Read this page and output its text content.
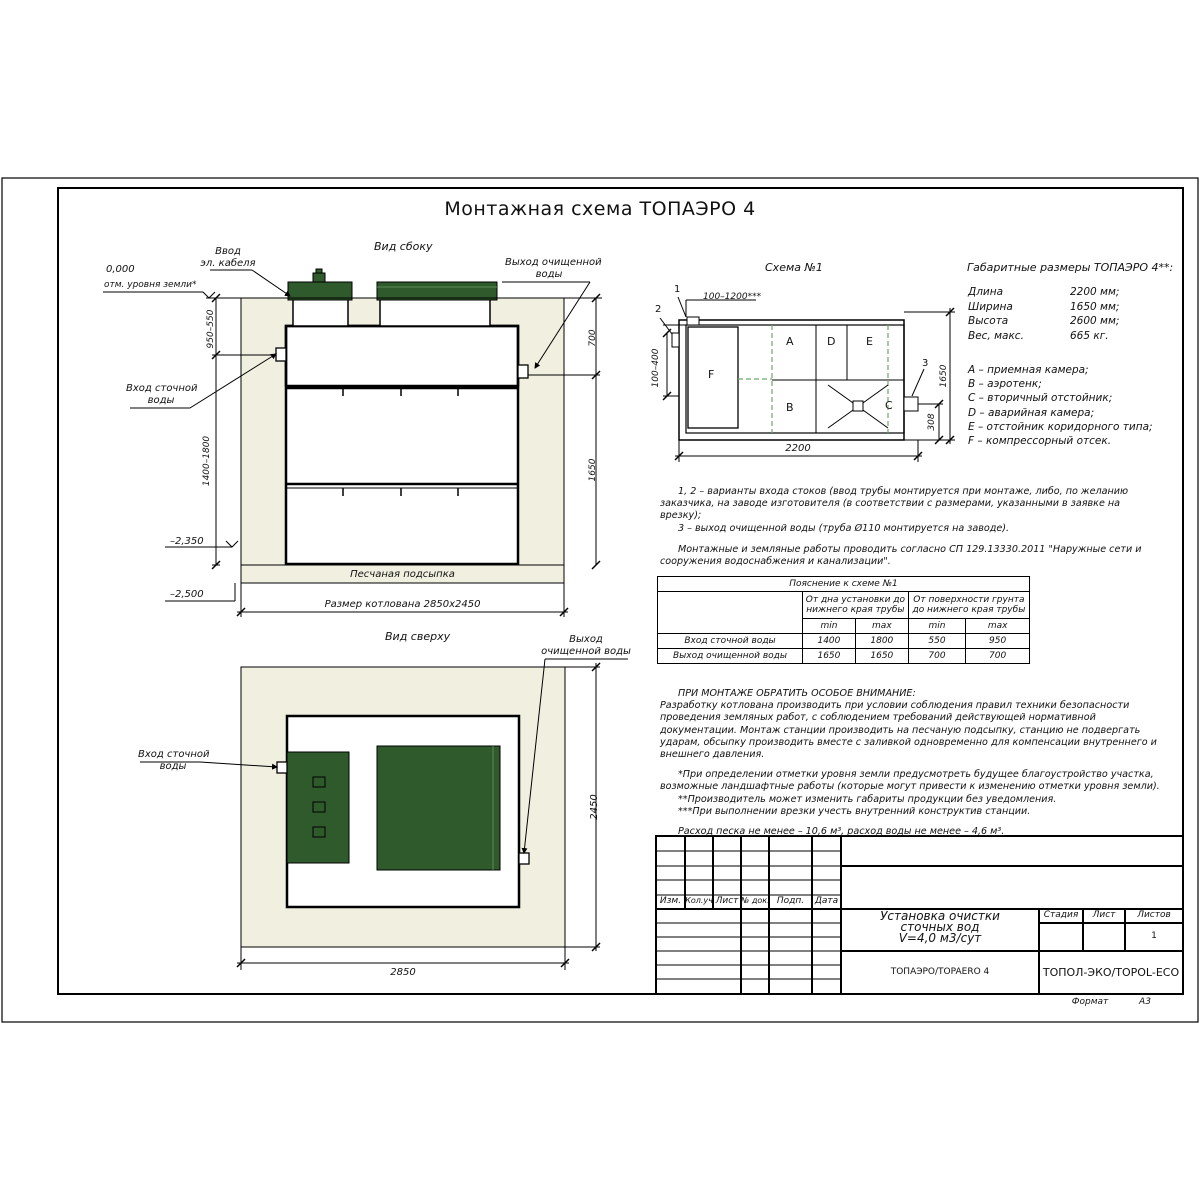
Монтажная схема ТОПАЭРО 4
Вид сбоку
Ввод
эл. кабеля	Выход очищенной
воды
Вход сточной
воды
0,000
отм. уровня земли*
950–550
1400–1800
700
1650
–2,350
–2,500
Песчаная подсыпка
Размер котлована 2850х2450
Вид сверху	Выход
очищенной воды
Вход сточной
воды
2850
2450
Схема №1
1
2
3
100–1200***
100–400	1650
308
2200
A
B	C
D	E
F
Габаритные размеры ТОПАЭРО 4**:
Длина	2200 мм;
Ширина	1650 мм;
Высота	2600 мм;
Вес, макс.	665 кг.
А – приемная камера;
В – аэротенк;
С – вторичный отстойник;
D – аварийная камера;
E – отстойник коридорного типа;
F – компрессорный отсек.

1, 2 – варианты входа стоков (ввод трубы монтируется при монтаже, либо, по желанию заказчика, на заводе изготовителя (в соответствии с размерами, указанными в заявке на врезку);

3 – выход очищенной воды (труба Ø110 монтируется на заводе).

Монтажные и земляные работы проводить согласно СП 129.13330.2011 "Наружные сети и сооружения водоснабжения и канализации".

Пояснение к схеме №1				
	От дна установки до нижнего края трубы		От поверхности грунта до нижнего края трубы	
	min	max	min	max
Вход сточной воды	1400	1800	550	950
Выход очищенной воды	1650	1650	700	700

ПРИ МОНТАЖЕ ОБРАТИТЬ ОСОБОЕ ВНИМАНИЕ:

Разработку котлована производить при условии соблюдения правил техники безопасности проведения земляных работ, с соблюдением требований действующей нормативной документации. Монтаж станции производить на песчаную подсыпку, станцию не подвергать ударам, обсыпку производить вместе с заливкой одновременно для компенсации внутреннего и внешнего давления.

*При определении отметки уровня земли предусмотреть будущее благоустройство участка, возможные ландшафтные работы (которые могут привести к изменению отметки уровня земли).

**Производитель может изменить габариты продукции без уведомления.

***При выполнении врезки учесть внутренний конструктив станции.

Расход песка не менее – 10,6 м³, расход воды не менее – 4,6 м³.

Изм. Кол.уч Лист № док. Подп.	Дата
Установка очистки
сточных вод
V=4,0 м3/сут
Стадия	Лист	Листов
1
ТОПАЭРО/TOPAERO 4	ТОПОЛ-ЭКО/TOPOL-ECO
Формат	А3
